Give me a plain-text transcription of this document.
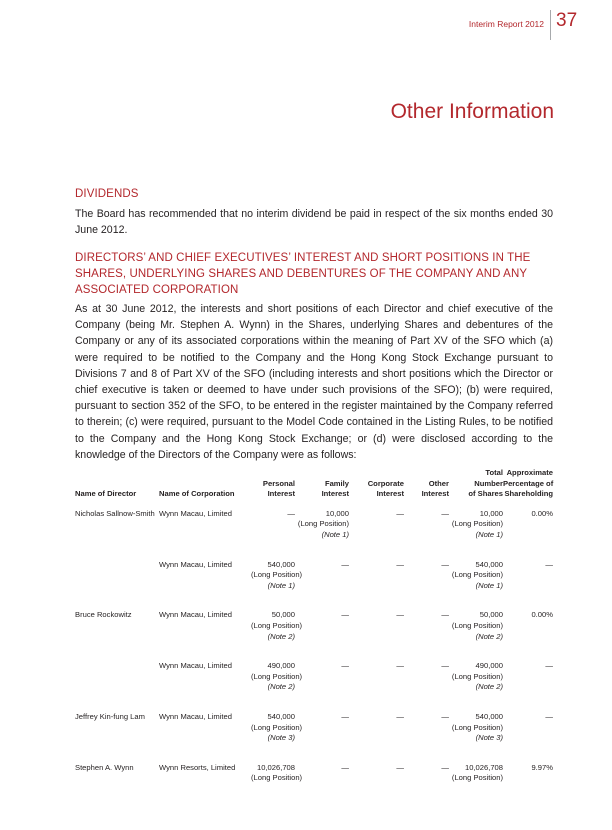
Interim Report 2012 37
Other Information
DIVIDENDS
The Board has recommended that no interim dividend be paid in respect of the six months ended 30 June 2012.
DIRECTORS’ AND CHIEF EXECUTIVES’ INTEREST AND SHORT POSITIONS IN THE SHARES, UNDERLYING SHARES AND DEBENTURES OF THE COMPANY AND ANY ASSOCIATED CORPORATION
As at 30 June 2012, the interests and short positions of each Director and chief executive of the Company (being Mr. Stephen A. Wynn) in the Shares, underlying Shares and debentures of the Company or any of its associated corporations within the meaning of Part XV of the SFO which (a) were required to be notified to the Company and the Hong Kong Stock Exchange pursuant to Divisions 7 and 8 of Part XV of the SFO (including interests and short positions which the Director or chief executive is taken or deemed to have under such provisions of the SFO); (b) were required, pursuant to section 352 of the SFO, to be entered in the register maintained by the Company referred to therein; (c) were required, pursuant to the Model Code contained in the Listing Rules, to be notified to the Company and the Hong Kong Stock Exchange; or (d) were disclosed according to the knowledge of the Directors of the Company were as follows:
Name of Director	Name of Corporation	Personal
Interest	Family
Interest	Corporate
Interest	Other
Interest	Total
Number
of Shares	Approximate
Percentage of
Shareholding

Nicholas Sallnow-Smith	Wynn Macau, Limited	—	10,000
(Long Position)
(Note 1)	—	—	10,000
(Long Position)
(Note 1)	0.00%

	Wynn Macau, Limited	540,000
(Long Position)
(Note 1)	—	—	—	540,000
(Long Position)
(Note 1)	—

Bruce Rockowitz	Wynn Macau, Limited	50,000
(Long Position)
(Note 2)	—	—	—	50,000
(Long Position)
(Note 2)	0.00%

	Wynn Macau, Limited	490,000
(Long Position)
(Note 2)	—	—	—	490,000
(Long Position)
(Note 2)	—

Jeffrey Kin-fung Lam	Wynn Macau, Limited	540,000
(Long Position)
(Note 3)	—	—	—	540,000
(Long Position)
(Note 3)	—

Stephen A. Wynn	Wynn Resorts, Limited	10,026,708
(Long Position)	—	—	—	10,026,708
(Long Position)	9.97%
